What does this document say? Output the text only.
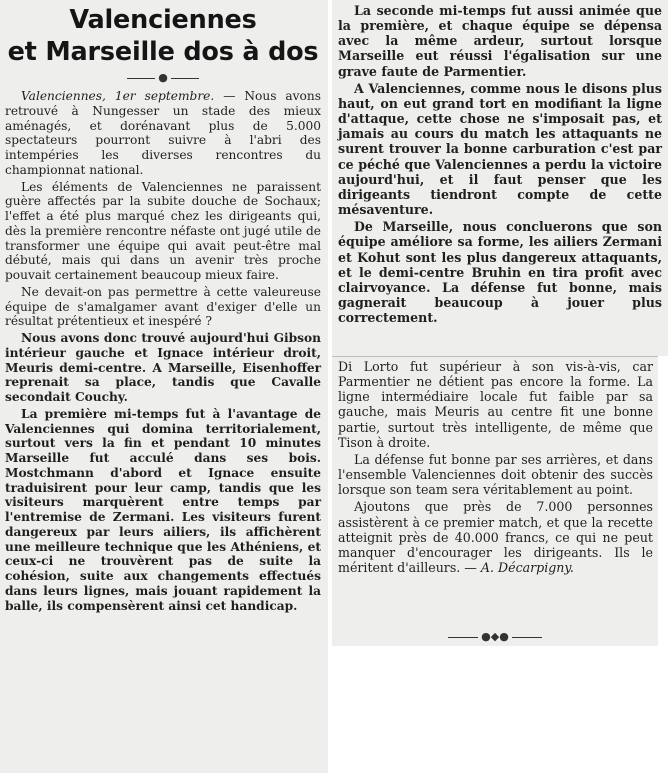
Valenciennes
et Marseille dos à dos
●

Valenciennes, 1er septembre. — Nous avons retrouvé à Nungesser un stade des mieux aménagés, et dorénavant plus de 5.000 spectateurs pourront suivre à l'abri des intempéries les diverses rencontres du championnat national.

Les éléments de Valenciennes ne paraissent guère affectés par la subite douche de Sochaux; l'effet a été plus marqué chez les dirigeants qui, dès la première rencontre néfaste ont jugé utile de transformer une équipe qui avait peut-être mal débuté, mais qui dans un avenir très proche pouvait certainement beaucoup mieux faire.

Ne devait-on pas permettre à cette valeureuse équipe de s'amalgamer avant d'exiger d'elle un résultat prétentieux et inespéré ?

Nous avons donc trouvé aujourd'hui Gibson intérieur gauche et Ignace intérieur droit, Meuris demi-centre. A Marseille, Eisenhoffer reprenait sa place, tandis que Cavalle secondait Couchy.

La première mi-temps fut à l'avantage de Valenciennes qui domina territorialement, surtout vers la fin et pendant 10 minutes Marseille fut acculé dans ses bois. Mostchmann d'abord et Ignace ensuite traduisirent pour leur camp, tandis que les visiteurs marquèrent entre temps par l'entremise de Zermani. Les visiteurs furent dangereux par leurs ailiers, ils affichèrent une meilleure technique que les Athéniens, et ceux-ci ne trouvèrent pas de suite la cohésion, suite aux changements effectués dans leurs lignes, mais jouant rapidement la balle, ils compensèrent ainsi cet handicap.

La seconde mi-temps fut aussi animée que la première, et chaque équipe se dépensa avec la même ardeur, surtout lorsque Marseille eut réussi l'égalisation sur une grave faute de Parmentier.

A Valenciennes, comme nous le disons plus haut, on eut grand tort en modifiant la ligne d'attaque, cette chose ne s'imposait pas, et jamais au cours du match les attaquants ne surent trouver la bonne carburation c'est par ce péché que Valenciennes a perdu la victoire aujourd'hui, et il faut penser que les dirigeants tiendront compte de cette mésaventure.

De Marseille, nous concluerons que son équipe améliore sa forme, les ailiers Zermani et Kohut sont les plus dangereux attaquants, et le demi-centre Bruhin en tira profit avec clairvoyance. La défense fut bonne, mais gagnerait beaucoup à jouer plus correctement.

Di Lorto fut supérieur à son vis-à-vis, car Parmentier ne détient pas encore la forme. La ligne intermédiaire locale fut faible par sa gauche, mais Meuris au centre fit une bonne partie, surtout très intelligente, de même que Tison à droite.

La défense fut bonne par ses arrières, et dans l'ensemble Valenciennes doit obtenir des succès lorsque son team sera véritablement au point.

Ajoutons que près de 7.000 personnes assistèrent à ce premier match, et que la recette atteignit près de 40.000 francs, ce qui ne peut manquer d'encourager les dirigeants. Ils le méritent d'ailleurs. — A. Décarpigny.

●◆●
